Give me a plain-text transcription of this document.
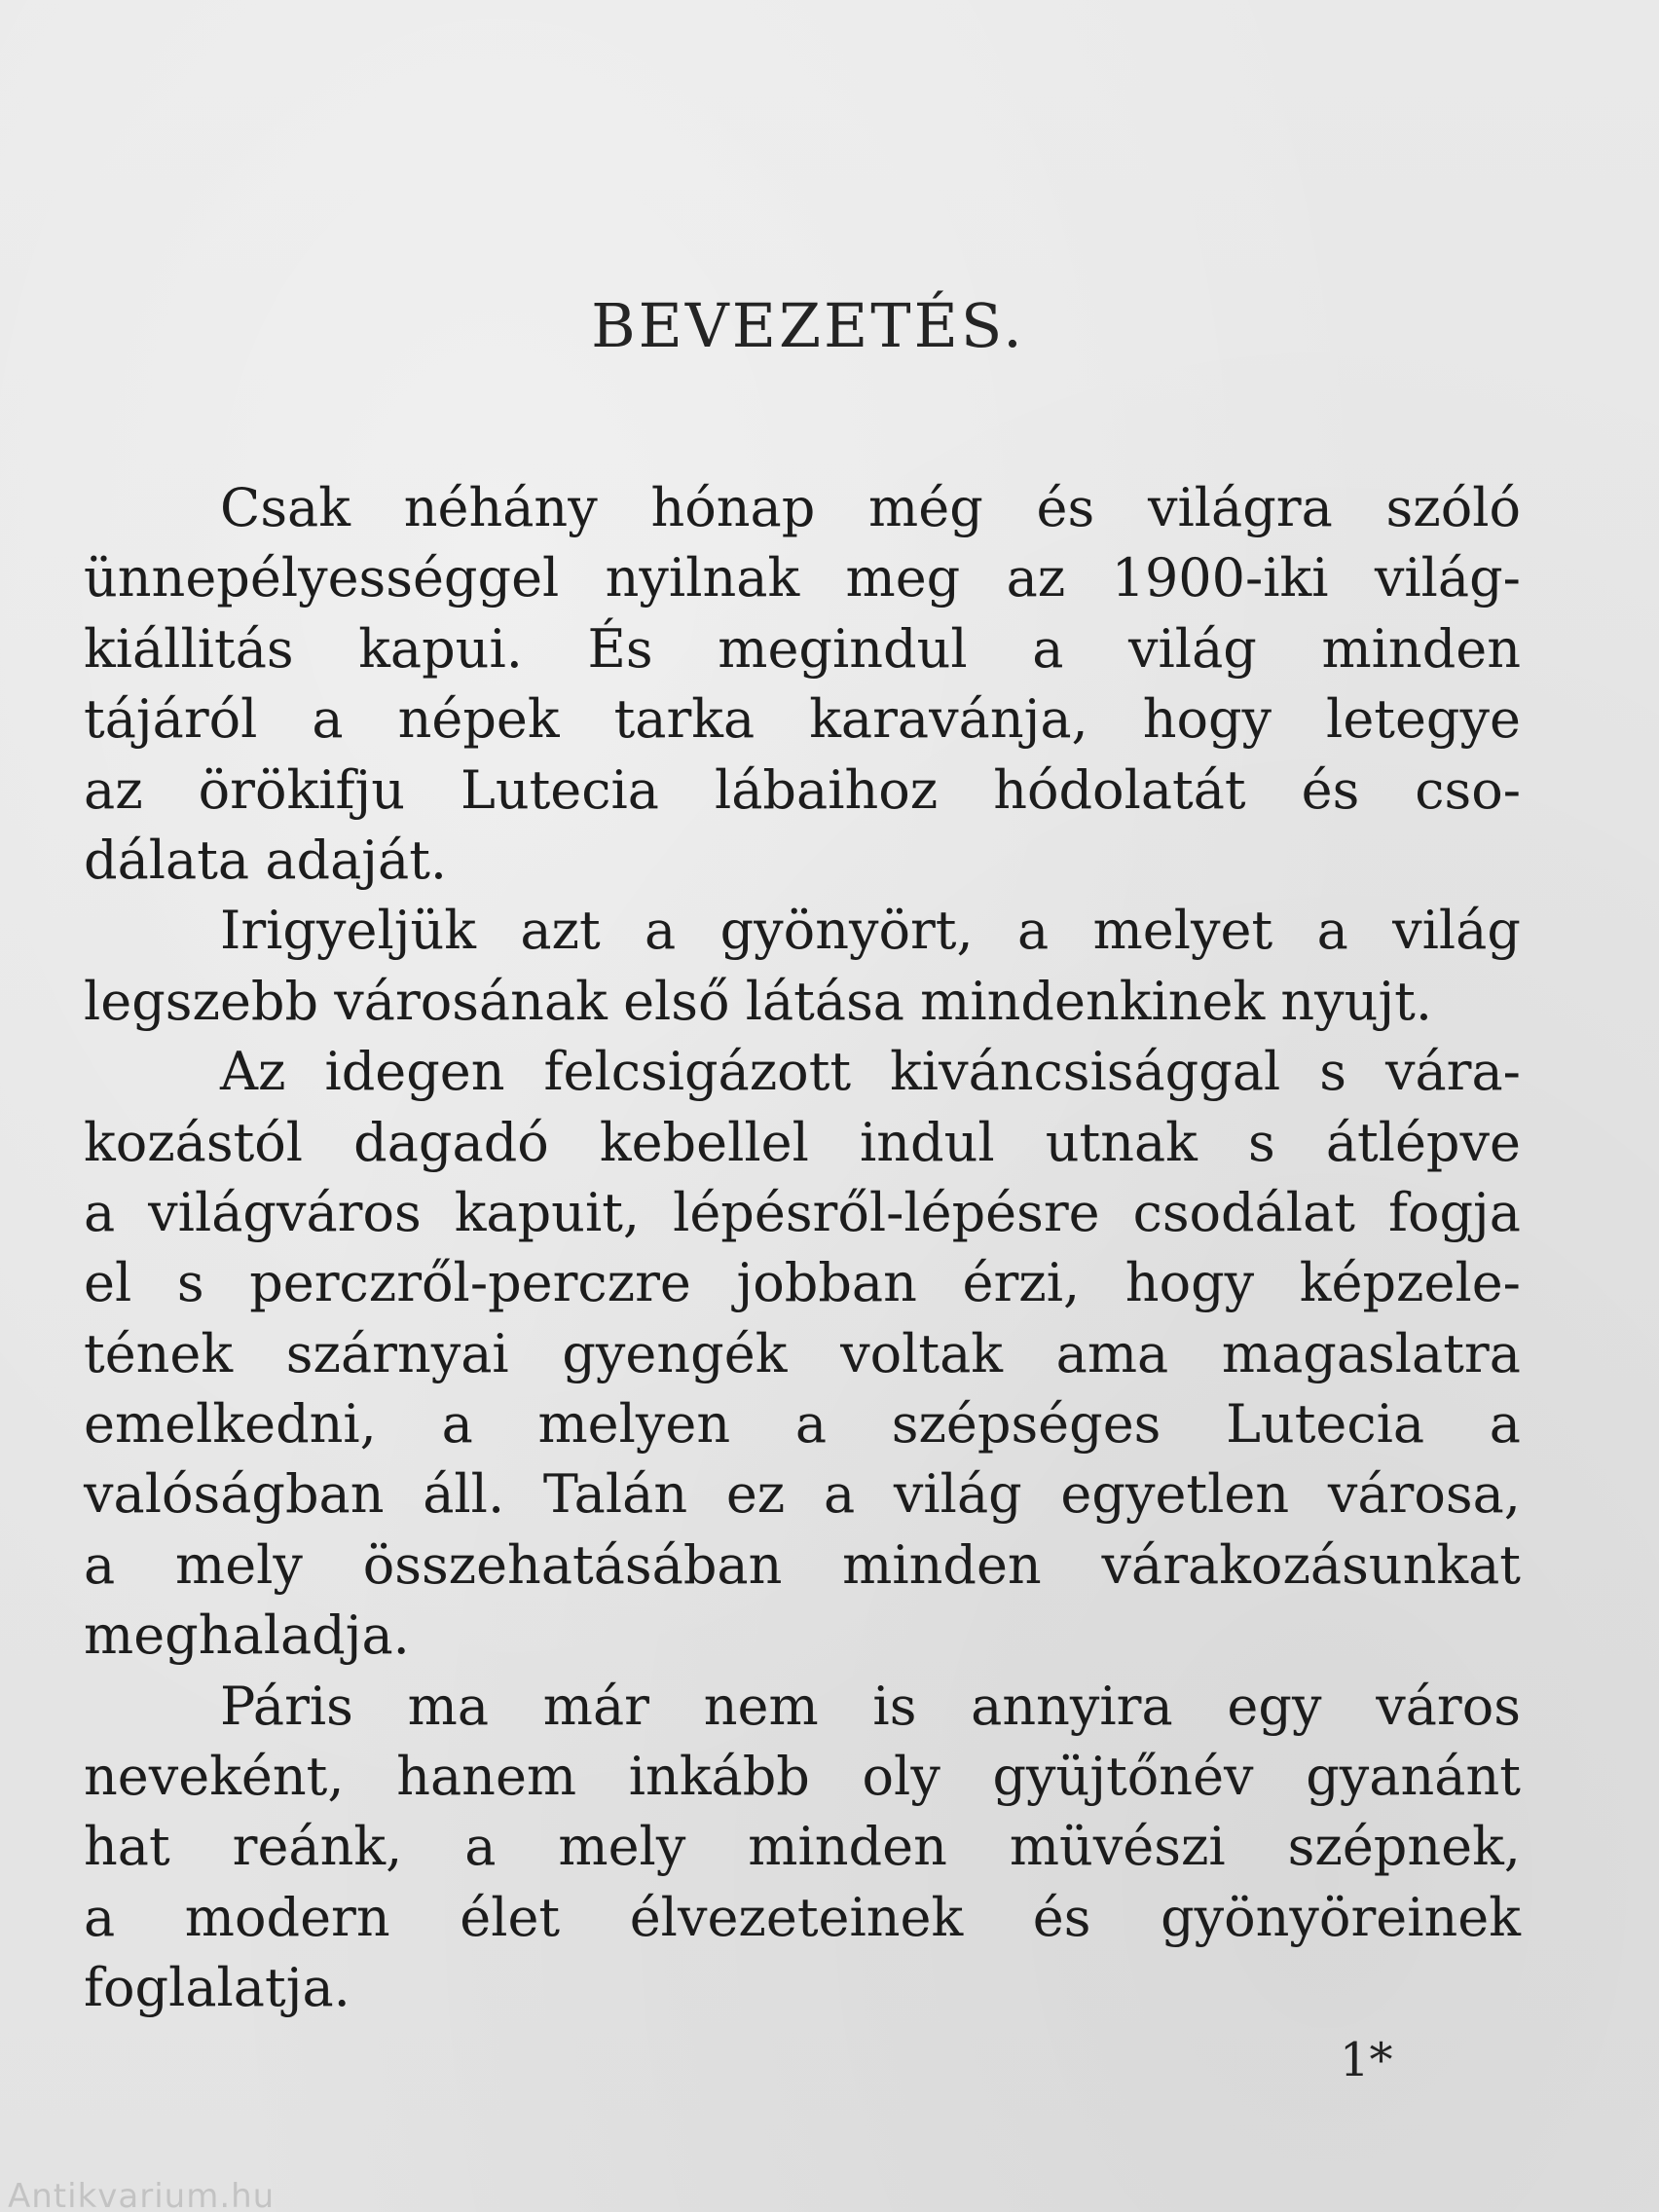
BEVEZETÉS.
Csak néhány hónap még és világra szóló
ünnepélyességgel nyilnak meg az 1900-iki világ-
kiállitás kapui. És megindul a világ minden
tájáról a népek tarka karavánja, hogy letegye
az örökifju Lutecia lábaihoz hódolatát és cso-
dálata adaját.
Irigyeljük azt a gyönyört, a melyet a világ
legszebb városának első látása mindenkinek nyujt.
Az idegen felcsigázott kiváncsisággal s vára-
kozástól dagadó kebellel indul utnak s átlépve
a világváros kapuit, lépésről-lépésre csodálat fogja
el s perczről-perczre jobban érzi, hogy képzele-
tének szárnyai gyengék voltak ama magaslatra
emelkedni, a melyen a szépséges Lutecia a
valóságban áll. Talán ez a világ egyetlen városa,
a mely összehatásában minden várakozásunkat
meghaladja.
Páris ma már nem is annyira egy város
neveként, hanem inkább oly gyüjtőnév gyanánt
hat reánk, a mely minden müvészi szépnek,
a modern élet élvezeteinek és gyönyöreinek
foglalatja.
1*
Antikvarium.hu
